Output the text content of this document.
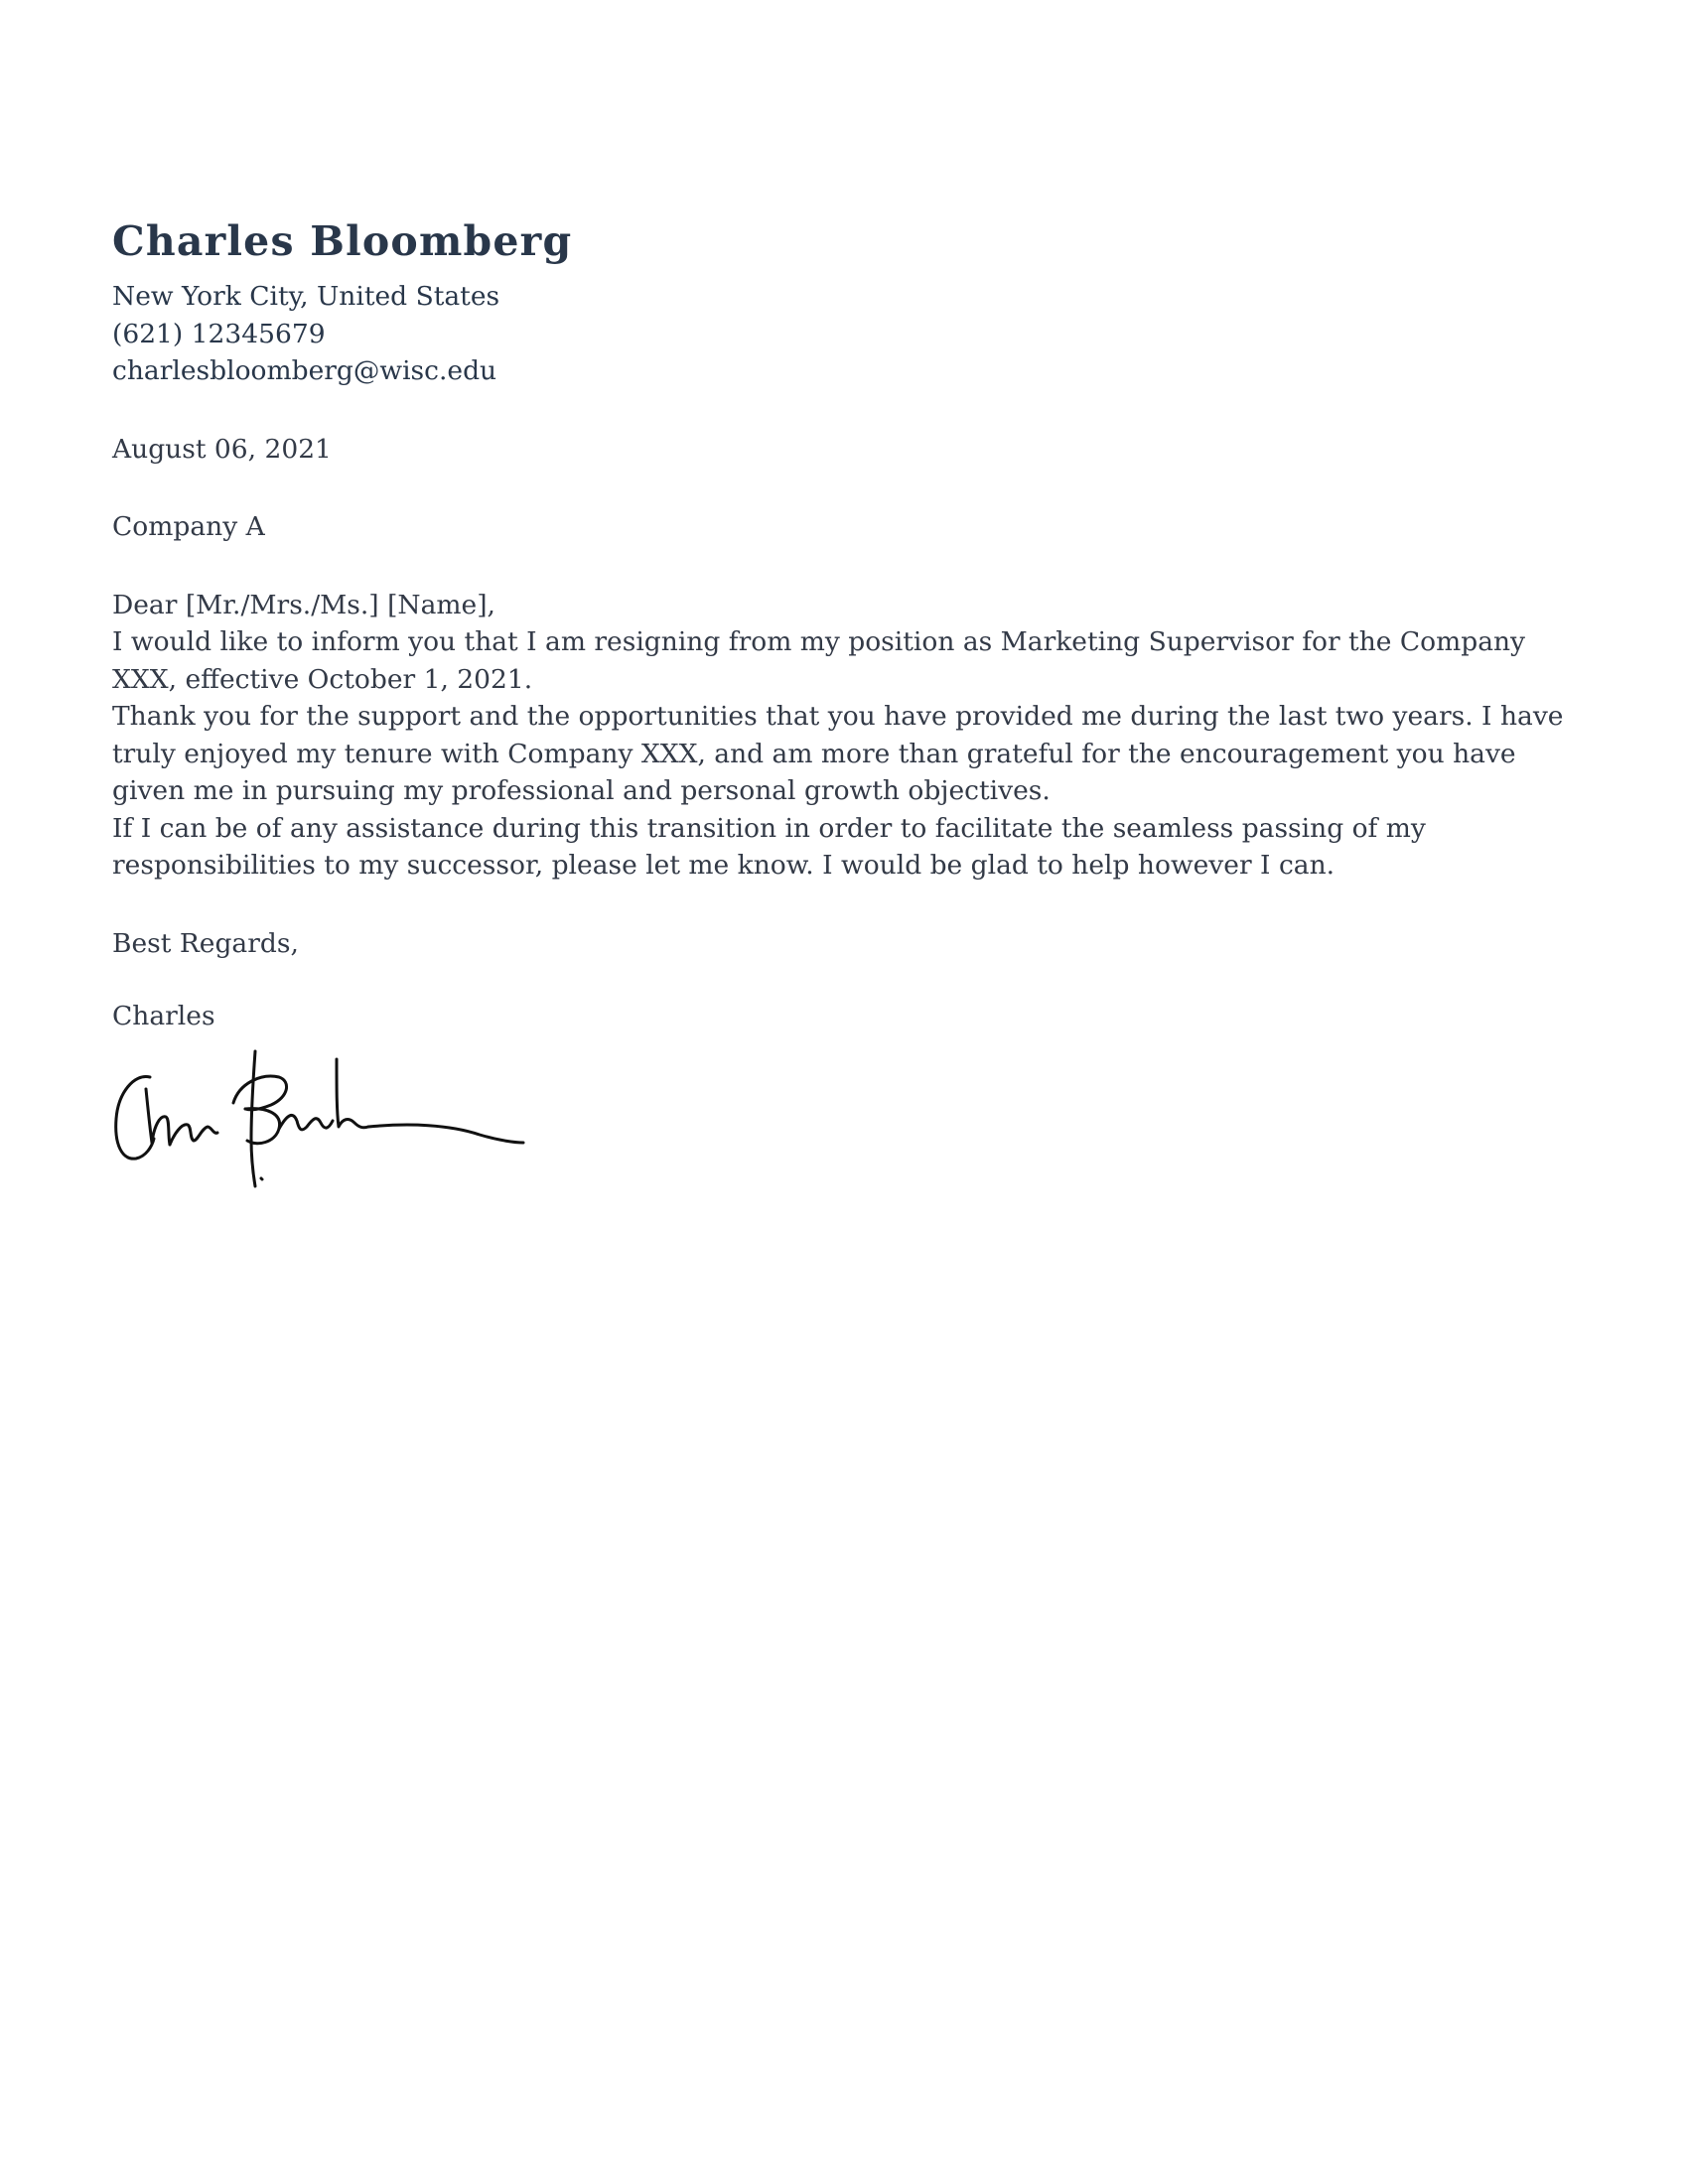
Charles Bloomberg
New York City, United States
(621) 12345679
charlesbloomberg@wisc.edu
August 06, 2021
Company A
Dear [Mr./Mrs./Ms.] [Name],

I would like to inform you that I am resigning from my position as Marketing Supervisor for the Company XXX, effective October 1, 2021.

Thank you for the support and the opportunities that you have provided me during the last two years. I have truly enjoyed my tenure with Company XXX, and am more than grateful for the encouragement you have given me in pursuing my professional and personal growth objectives.

If I can be of any assistance during this transition in order to facilitate the seamless passing of my responsibilities to my successor, please let me know. I would be glad to help however I can.

Best Regards,
Charles
